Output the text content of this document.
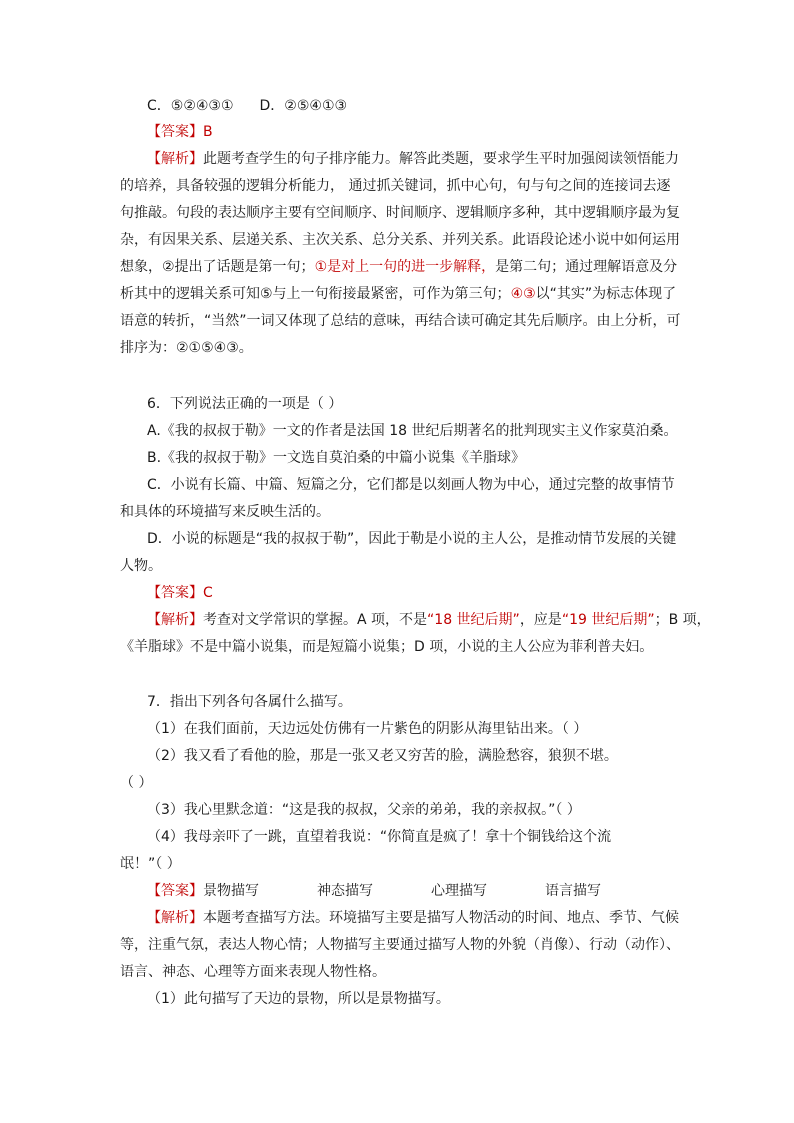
C．⑤②④③① D．②⑤④①③
【答案】B
【解析】此题考查学生的句子排序能力。解答此类题，要求学生平时加强阅读领悟能力
的培养，具备较强的逻辑分析能力， 通过抓关键词，抓中心句，句与句之间的连接词去逐
句推敲。句段的表达顺序主要有空间顺序、时间顺序、逻辑顺序多种，其中逻辑顺序最为复
杂，有因果关系、层递关系、主次关系、总分关系、并列关系。此语段论述小说中如何运用
想象，②提出了话题是第一句；①是对上一句的进一步解释，是第二句；通过理解语意及分
析其中的逻辑关系可知⑤与上一句衔接最紧密，可作为第三句；④③以“其实”为标志体现了
语意的转折，“当然”一词又体现了总结的意味，再结合读可确定其先后顺序。由上分析，可
排序为：②①⑤④③。
6．下列说法正确的一项是（ ）
A.《我的叔叔于勒》一文的作者是法国 18 世纪后期著名的批判现实主义作家莫泊桑。
B.《我的叔叔于勒》一文选自莫泊桑的中篇小说集《羊脂球》
C．小说有长篇、中篇、短篇之分，它们都是以刻画人物为中心，通过完整的故事情节
和具体的环境描写来反映生活的。
D．小说的标题是“我的叔叔于勒”，因此于勒是小说的主人公，是推动情节发展的关键
人物。
【答案】C
【解析】考查对文学常识的掌握。A 项，不是“18 世纪后期”，应是“19 世纪后期”；B 项，
《羊脂球》不是中篇小说集，而是短篇小说集；D 项，小说的主人公应为菲利普夫妇。
7．指出下列各句各属什么描写。
（1）在我们面前，天边远处仿佛有一片紫色的阴影从海里钻出来。（ ）
（2）我又看了看他的脸，那是一张又老又穷苦的脸，满脸愁容，狼狈不堪。
（ ）
（3）我心里默念道：“这是我的叔叔，父亲的弟弟，我的亲叔叔。”（ ）
（4）我母亲吓了一跳，直望着我说：“你简直是疯了！拿十个铜钱给这个流
氓！”（ ）
【答案】景物描写	神态描写	心理描写	语言描写
【解析】本题考查描写方法。环境描写主要是描写人物活动的时间、地点、季节、气候
等，注重气氛，表达人物心情；人物描写主要通过描写人物的外貌（肖像）、行动（动作）、
语言、神态、心理等方面来表现人物性格。
（1）此句描写了天边的景物，所以是景物描写。
